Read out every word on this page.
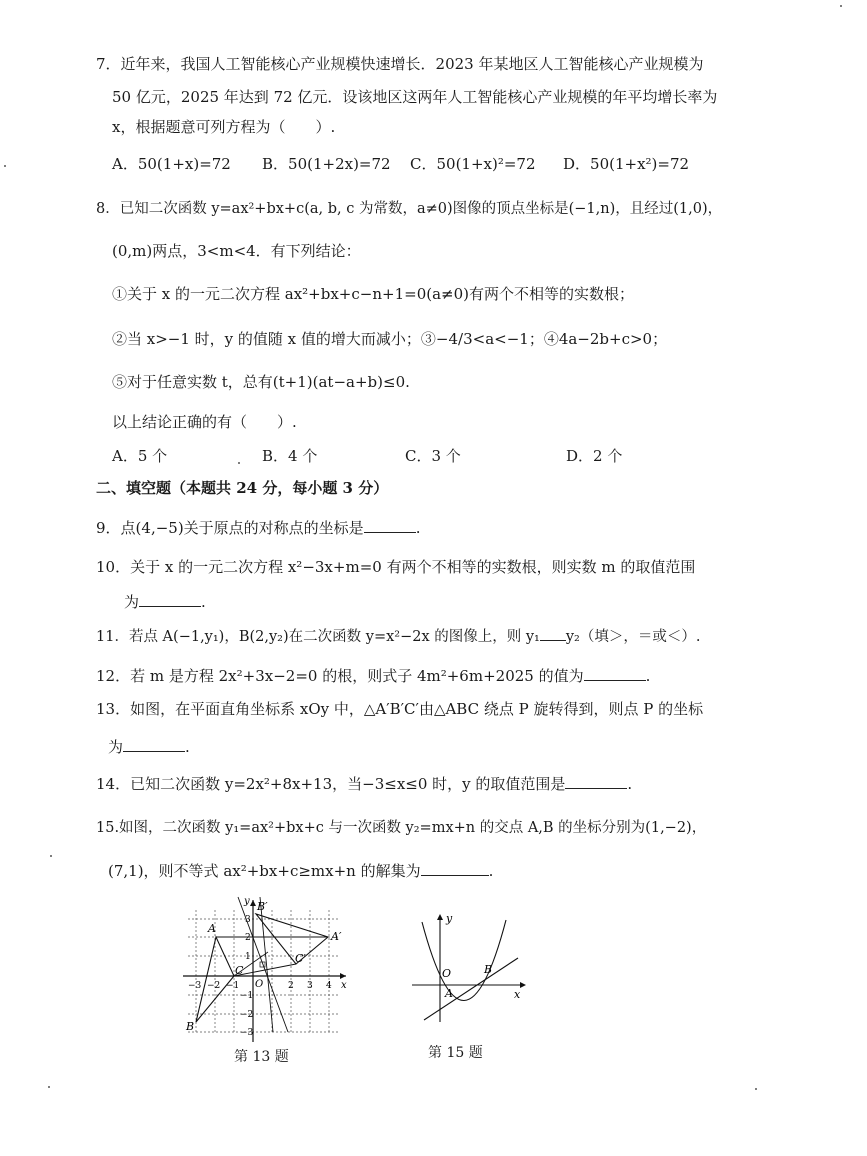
7．近年来，我国人工智能核心产业规模快速增长．2023 年某地区人工智能核心产业规模为
50 亿元，2025 年达到 72 亿元．设该地区这两年人工智能核心产业规模的年平均增长率为
x，根据题意可列方程为（　　）.
A．50(1+x)=72 B．50(1+2x)=72 C．50(1+x)²=72 D．50(1+x²)=72
8．已知二次函数 y=ax²+bx+c(a, b, c 为常数，a≠0)图像的顶点坐标是(−1,n)，且经过(1,0)，
(0,m)两点，3<m<4．有下列结论：
①关于 x 的一元二次方程 ax²+bx+c−n+1=0(a≠0)有两个不相等的实数根；
②当 x>−1 时，y 的值随 x 值的增大而减小；③−4/3<a<−1；④4a−2b+c>0；
⑤对于任意实数 t，总有(t+1)(at−a+b)≤0.
以上结论正确的有（　　）.
A．5 个	B．4 个	C．3 个	D．2 个
二、填空题（本题共 24 分，每小题 3 分）
9．点(4,−5)关于原点的对称点的坐标是	.
10．关于 x 的一元二次方程 x²−3x+m=0 有两个不相等的实数根，则实数 m 的取值范围
为	.
11．若点 A(−1,y₁)，B(2,y₂)在二次函数 y=x²−2x 的图像上，则 y₁ y₂（填＞，＝或＜）.
12．若 m 是方程 2x²+3x−2=0 的根，则式子 4m²+6m+2025 的值为	.
13．如图，在平面直角坐标系 xOy 中，△A′B′C′由△ABC 绕点 P 旋转得到，则点 P 的坐标
为	.
14．已知二次函数 y=2x²+8x+13，当−3≤x≤0 时，y 的取值范围是	.
15.如图，二次函数 y₁=ax²+bx+c 与一次函数 y₂=mx+n 的交点 A,B 的坐标分别为(1,−2)，
(7,1)，则不等式 ax²+bx+c≥mx+n 的解集为	.
A
B
C
A′
B′
C′
O	x
y
−3 −2 −1	2 3 4
3
2
1
−1
−2
−3
第 13 题
y
x
O
A
B
第 15 题
